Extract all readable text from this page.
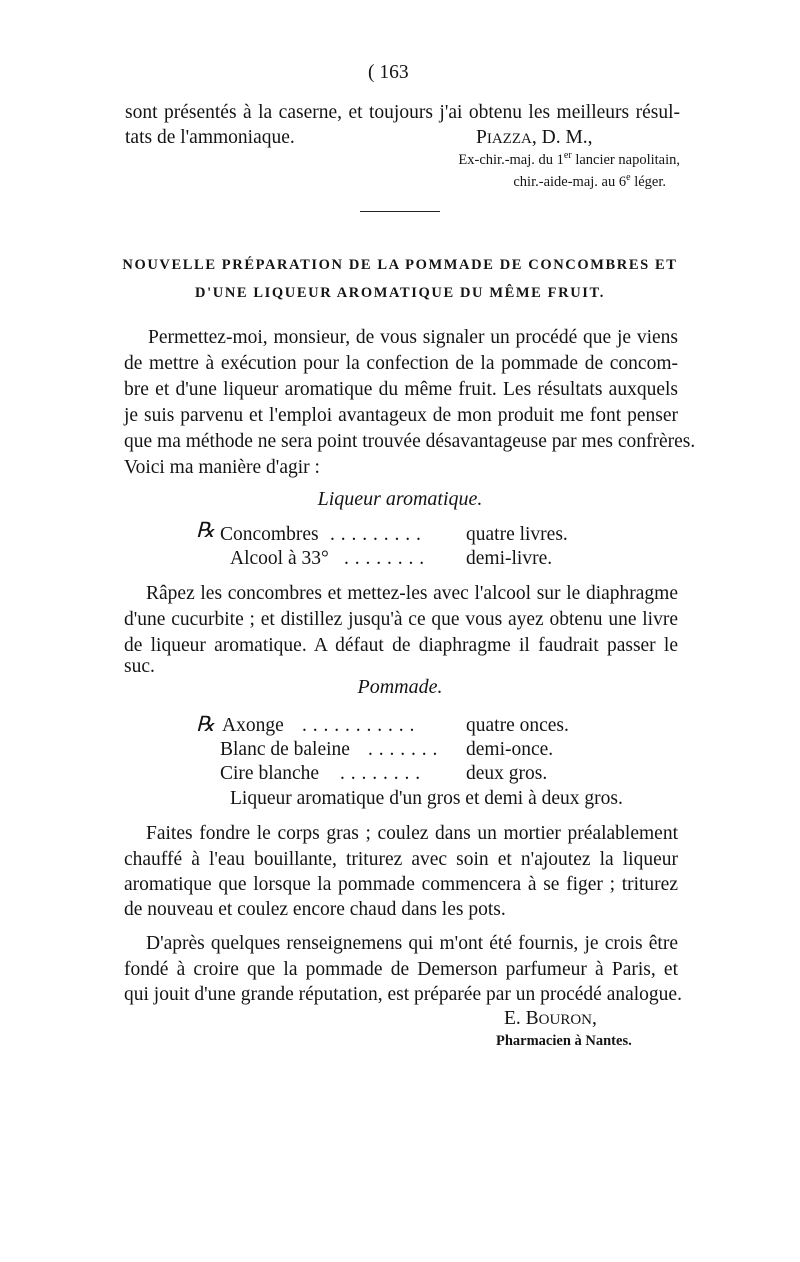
( 163
sont présentés à la caserne, et toujours j'ai obtenu les meilleurs résul-
tats de l'ammoniaque.	PIAZZA, D. M.,
Ex-chir.-maj. du 1er lancier napolitain,
chir.-aide-maj. au 6e léger.
NOUVELLE PRÉPARATION DE LA POMMADE DE CONCOMBRES ET
D'UNE LIQUEUR AROMATIQUE DU MÊME FRUIT.
Permettez-moi, monsieur, de vous signaler un procédé que je viens
de mettre à exécution pour la confection de la pommade de concom-
bre et d'une liqueur aromatique du même fruit. Les résultats auxquels
je suis parvenu et l'emploi avantageux de mon produit me font penser
que ma méthode ne sera point trouvée désavantageuse par mes confrères.
Voici ma manière d'agir :
Liqueur aromatique.
℞ Concombres . . . . . . . . . quatre livres.
Alcool à 33° . . . . . . . . demi-livre.
Râpez les concombres et mettez-les avec l'alcool sur le diaphragme
d'une cucurbite ; et distillez jusqu'à ce que vous ayez obtenu une livre
de liqueur aromatique. A défaut de diaphragme il faudrait passer le
suc.
Pommade.
℞ Axonge . . . . . . . . . . .	quatre onces.
Blanc de baleine . . . . . . . demi-once.
Cire blanche . . . . . . . . deux gros.
Liqueur aromatique d'un gros et demi à deux gros.
Faites fondre le corps gras ; coulez dans un mortier préalablement
chauffé à l'eau bouillante, triturez avec soin et n'ajoutez la liqueur
aromatique que lorsque la pommade commencera à se figer ; triturez
de nouveau et coulez encore chaud dans les pots.
D'après quelques renseignemens qui m'ont été fournis, je crois être
fondé à croire que la pommade de Demerson parfumeur à Paris, et
qui jouit d'une grande réputation, est préparée par un procédé analogue.
E. BOURON,
Pharmacien à Nantes.
